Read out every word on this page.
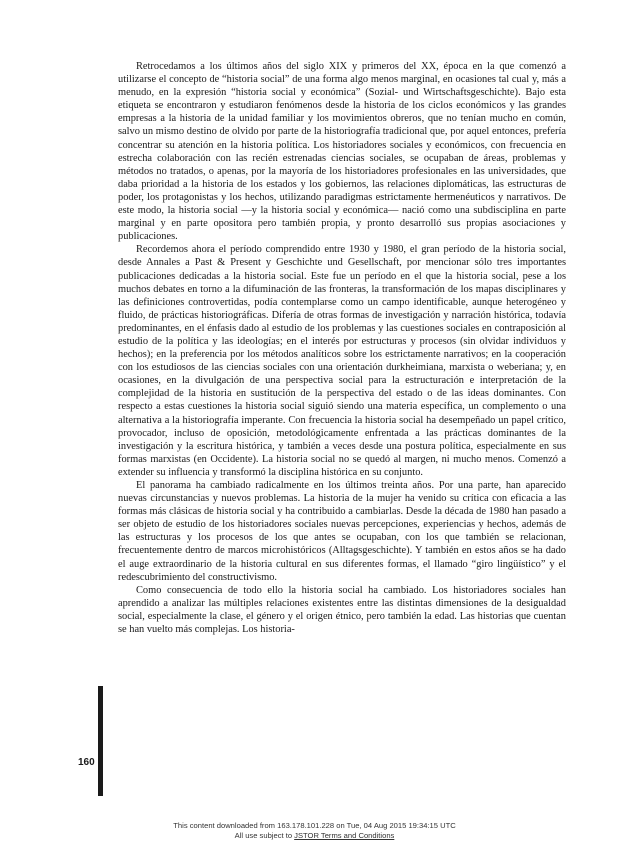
Retrocedamos a los últimos años del siglo XIX y primeros del XX, época en la que comenzó a utilizarse el concepto de “historia social” de una forma algo menos marginal, en ocasiones tal cual y, más a menudo, en la expresión “historia social y económica” (Sozial- und Wirtschaftsgeschichte). Bajo esta etiqueta se encontraron y estudiaron fenómenos desde la historia de los ciclos económicos y las grandes empresas a la historia de la unidad familiar y los movimientos obreros, que no tenían mucho en común, salvo un mismo destino de olvido por parte de la historiografía tradicional que, por aquel entonces, prefería concentrar su atención en la historia política. Los historiadores sociales y económicos, con frecuencia en estrecha colaboración con las recién estrenadas ciencias sociales, se ocupaban de áreas, problemas y métodos no tratados, o apenas, por la mayoría de los historiadores profesionales en las universidades, que daba prioridad a la historia de los estados y los gobiernos, las relaciones diplomáticas, las estructuras de poder, los protagonistas y los hechos, utilizando paradigmas estrictamente hermenéuticos y narrativos. De este modo, la historia social —y la historia social y económica— nació como una subdisciplina en parte marginal y en parte opositora pero también propia, y pronto desarrolló sus propias asociaciones y publicaciones.

Recordemos ahora el período comprendido entre 1930 y 1980, el gran período de la historia social, desde Annales a Past & Present y Geschichte und Gesellschaft, por mencionar sólo tres importantes publicaciones dedicadas a la historia social. Este fue un período en el que la historia social, pese a los muchos debates en torno a la difuminación de las fronteras, la transformación de los mapas disciplinares y las definiciones controvertidas, podía contemplarse como un campo identificable, aunque heterogéneo y fluido, de prácticas historiográficas. Difería de otras formas de investigación y narración histórica, todavía predominantes, en el énfasis dado al estudio de los problemas y las cuestiones sociales en contraposición al estudio de la política y las ideologías; en el interés por estructuras y procesos (sin olvidar individuos y hechos); en la preferencia por los métodos analíticos sobre los estrictamente narrativos; en la cooperación con los estudiosos de las ciencias sociales con una orientación durkheimiana, marxista o weberiana; y, en ocasiones, en la divulgación de una perspectiva social para la estructuración e interpretación de la complejidad de la historia en sustitución de la perspectiva del estado o de las ideas dominantes. Con respecto a estas cuestiones la historia social siguió siendo una materia específica, un complemento o una alternativa a la historiografía imperante. Con frecuencia la historia social ha desempeñado un papel crítico, provocador, incluso de oposición, metodológicamente enfrentada a las prácticas dominantes de la investigación y la escritura histórica, y también a veces desde una postura política, especialmente en sus formas marxistas (en Occidente). La historia social no se quedó al margen, ni mucho menos. Comenzó a extender su influencia y transformó la disciplina histórica en su conjunto.

El panorama ha cambiado radicalmente en los últimos treinta años. Por una parte, han aparecido nuevas circunstancias y nuevos problemas. La historia de la mujer ha venido su crítica con eficacia a las formas más clásicas de historia social y ha contribuido a cambiarlas. Desde la década de 1980 han pasado a ser objeto de estudio de los historiadores sociales nuevas percepciones, experiencias y hechos, además de las estructuras y los procesos de los que antes se ocupaban, con los que también se relacionan, frecuentemente dentro de marcos microhistóricos (Alltagsgeschichte). Y también en estos años se ha dado el auge extraordinario de la historia cultural en sus diferentes formas, el llamado “giro lingüístico” y el redescubrimiento del constructivismo.

Como consecuencia de todo ello la historia social ha cambiado. Los historiadores sociales han aprendido a analizar las múltiples relaciones existentes entre las distintas dimensiones de la desigualdad social, especialmente la clase, el género y el origen étnico, pero también la edad. Las historias que cuentan se han vuelto más complejas. Los historia-

160
This content downloaded from 163.178.101.228 on Tue, 04 Aug 2015 19:34:15 UTC
All use subject to JSTOR Terms and Conditions
